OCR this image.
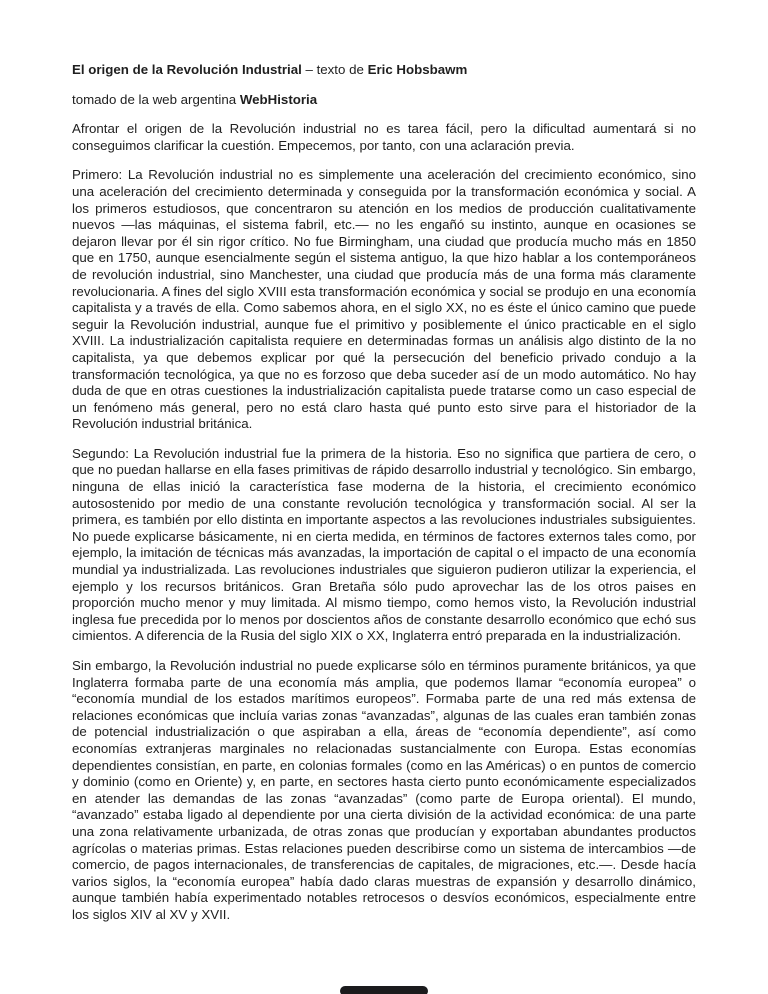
El origen de la Revolución Industrial – texto de Eric Hobsbawm

tomado de la web argentina WebHistoria

Afrontar el origen de la Revolución industrial no es tarea fácil, pero la dificultad aumentará si no conseguimos clarificar la cuestión. Empecemos, por tanto, con una aclaración previa.

Primero: La Revolución industrial no es simplemente una aceleración del crecimiento económico, sino una aceleración del crecimiento determinada y conseguida por la transformación económica y social. A los primeros estudiosos, que concentraron su atención en los medios de producción cualitativamente nuevos —las máquinas, el sistema fabril, etc.— no les engañó su instinto, aunque en ocasiones se dejaron llevar por él sin rigor crítico. No fue Birmingham, una ciudad que producía mucho más en 1850 que en 1750, aunque esencialmente según el sistema antiguo, la que hizo hablar a los contemporáneos de revolución industrial, sino Manchester, una ciudad que producía más de una forma más claramente revolucionaria. A fines del siglo XVIII esta transformación económica y social se produjo en una economía capitalista y a través de ella. Como sabemos ahora, en el siglo XX, no es éste el único camino que puede seguir la Revolución industrial, aunque fue el primitivo y posiblemente el único practicable en el siglo XVIII. La industrialización capitalista requiere en determinadas formas un análisis algo distinto de la no capitalista, ya que debemos explicar por qué la persecución del beneficio privado condujo a la transformación tecnológica, ya que no es forzoso que deba suceder así de un modo automático. No hay duda de que en otras cuestiones la industrialización capitalista puede tratarse como un caso especial de un fenómeno más general, pero no está claro hasta qué punto esto sirve para el historiador de la Revolución industrial británica.

Segundo: La Revolución industrial fue la primera de la historia. Eso no significa que partiera de cero, o que no puedan hallarse en ella fases primitivas de rápido desarrollo industrial y tecnológico. Sin embargo, ninguna de ellas inició la característica fase moderna de la historia, el crecimiento económico autosostenido por medio de una constante revolución tecnológica y transformación social. Al ser la primera, es también por ello distinta en importante aspectos a las revoluciones industriales subsiguientes. No puede explicarse básicamente, ni en cierta medida, en términos de factores externos tales como, por ejemplo, la imitación de técnicas más avanzadas, la importación de capital o el impacto de una economía mundial ya industrializada. Las revoluciones industriales que siguieron pudieron utilizar la experiencia, el ejemplo y los recursos británicos. Gran Bretaña sólo pudo aprovechar las de los otros paises en proporción mucho menor y muy limitada. Al mismo tiempo, como hemos visto, la Revolución industrial inglesa fue precedida por lo menos por doscientos años de constante desarrollo económico que echó sus cimientos. A diferencia de la Rusia del siglo XIX o XX, Inglaterra entró preparada en la industrialización.

Sin embargo, la Revolución industrial no puede explicarse sólo en términos puramente británicos, ya que Inglaterra formaba parte de una economía más amplia, que podemos llamar “economía europea” o “economía mundial de los estados marítimos europeos”. Formaba parte de una red más extensa de relaciones económicas que incluía varias zonas “avanzadas”, algunas de las cuales eran también zonas de potencial industrialización o que aspiraban a ella, áreas de “economía dependiente”, así como economías extranjeras marginales no relacionadas sustancialmente con Europa. Estas economías dependientes consistían, en parte, en colonias formales (como en las Américas) o en puntos de comercio y dominio (como en Oriente) y, en parte, en sectores hasta cierto punto económicamente especializados en atender las demandas de las zonas “avanzadas” (como parte de Europa oriental). El mundo, “avanzado” estaba ligado al dependiente por una cierta división de la actividad económica: de una parte una zona relativamente urbanizada, de otras zonas que producían y exportaban abundantes productos agrícolas o materias primas. Estas relaciones pueden describirse como un sistema de intercambios —de comercio, de pagos internacionales, de transferencias de capitales, de migraciones, etc.—. Desde hacía varios siglos, la “economía europea” había dado claras muestras de expansión y desarrollo dinámico, aunque también había experimentado notables retrocesos o desvíos económicos, especialmente entre los siglos XIV al XV y XVII.
